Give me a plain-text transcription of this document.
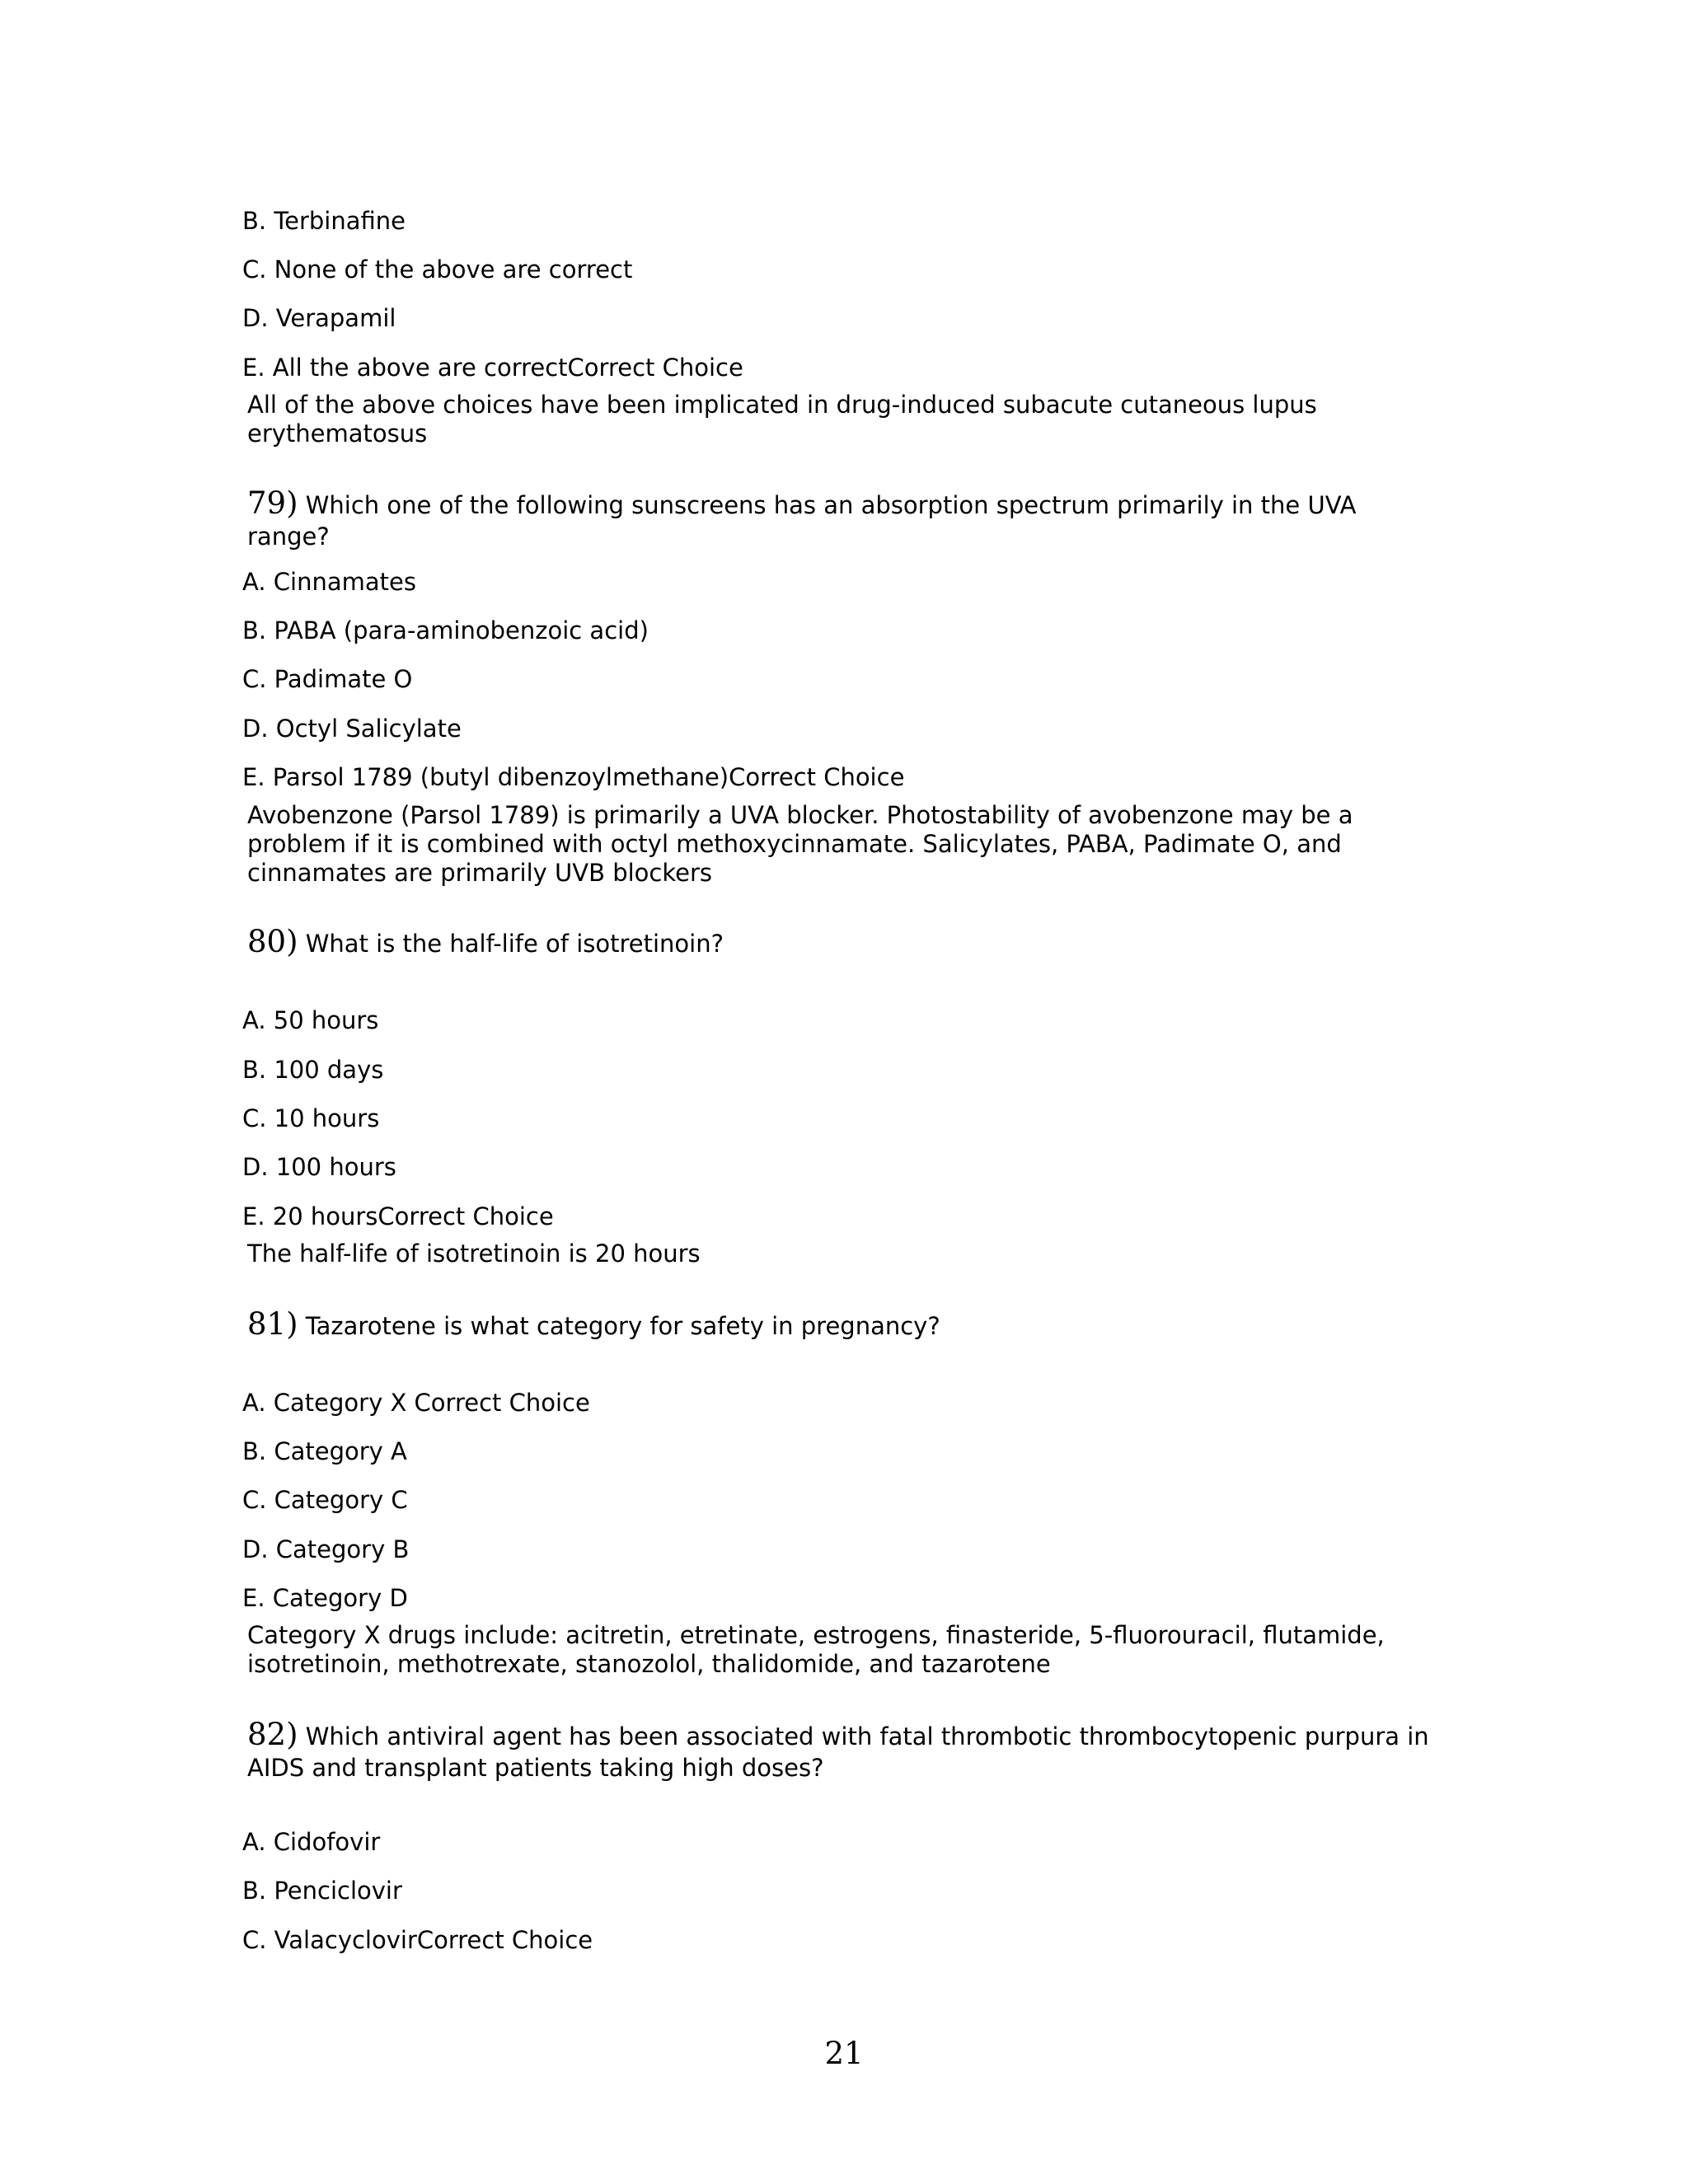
B. Terbinafine
C. None of the above are correct
D. Verapamil
E. All the above are correctCorrect Choice
All of the above choices have been implicated in drug-induced subacute cutaneous lupus
erythematosus
79) Which one of the following sunscreens has an absorption spectrum primarily in the UVA range?
A. Cinnamates
B. PABA (para-aminobenzoic acid)
C. Padimate O
D. Octyl Salicylate
E. Parsol 1789 (butyl dibenzoylmethane)Correct Choice
Avobenzone (Parsol 1789) is primarily a UVA blocker. Photostability of avobenzone may be a
problem if it is combined with octyl methoxycinnamate. Salicylates, PABA, Padimate O, and
cinnamates are primarily UVB blockers
80) What is the half-life of isotretinoin?
A. 50 hours
B. 100 days
C. 10 hours
D. 100 hours
E. 20 hoursCorrect Choice
The half-life of isotretinoin is 20 hours
81) Tazarotene is what category for safety in pregnancy?
A. Category X Correct Choice
B. Category A
C. Category C
D. Category B
E. Category D
Category X drugs include: acitretin, etretinate, estrogens, finasteride, 5-fluorouracil, flutamide,
isotretinoin, methotrexate, stanozolol, thalidomide, and tazarotene
82) Which antiviral agent has been associated with fatal thrombotic thrombocytopenic purpura in
AIDS and transplant patients taking high doses?
A. Cidofovir
B. Penciclovir
C. ValacyclovirCorrect Choice
21
